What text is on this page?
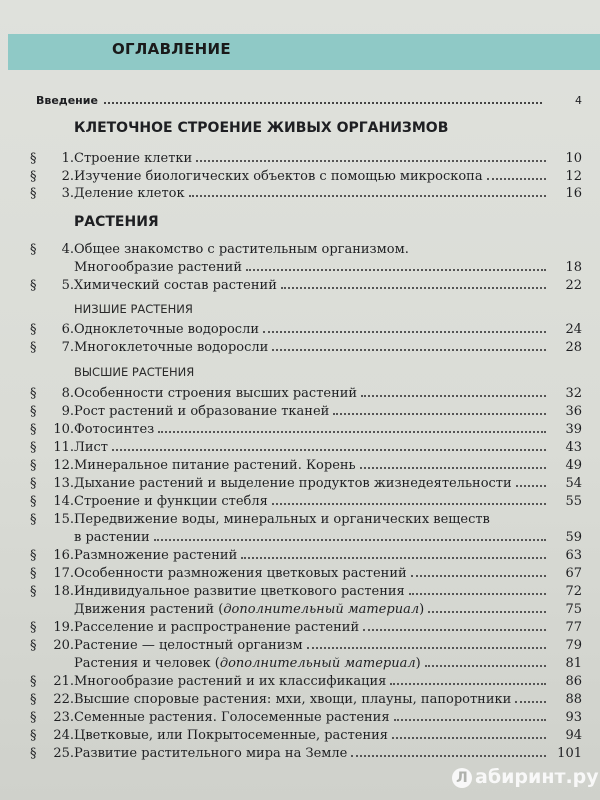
ОГЛАВЛЕНИЕ
Введение	4
КЛЕТОЧНОЕ СТРОЕНИЕ ЖИВЫХ ОРГАНИЗМОВ
§	1. Строение клетки	10
§	2. Изучение биологических объектов с помощью микроскопа	12
§	3. Деление клеток	16
РАСТЕНИЯ
§	4. Общее знакомство с растительным организмом.
Многообразие растений	18
§	5. Химический состав растений	22
НИЗШИЕ РАСТЕНИЯ
§	6. Одноклеточные водоросли	24
§	7. Многоклеточные водоросли	28
ВЫСШИЕ РАСТЕНИЯ
§	8. Особенности строения высших растений	32
§	9. Рост растений и образование тканей	36
§	10. Фотосинтез	39
§	11. Лист	43
§	12. Минеральное питание растений. Корень	49
§	13. Дыхание растений и выделение продуктов жизнедеятельности	54
§	14. Строение и функции стебля	55
§	15. Передвижение воды, минеральных и органических веществ
в растении	59
§	16. Размножение растений	63
§	17. Особенности размножения цветковых растений	67
§	18. Индивидуальное развитие цветкового растения	72
Движения растений (дополнительный материал)	75
§	19. Расселение и распространение растений	77
§	20. Растение — целостный организм	79
Растения и человек (дополнительный материал)	81
§	21. Многообразие растений и их классификация	86
§	22. Высшие споровые растения: мхи, хвощи, плауны, папоротники	88
§	23. Семенные растения. Голосеменные растения	93
§	24. Цветковые, или Покрытосеменные, растения	94
§	25. Развитие растительного мира на Земле	101
Л абиринт.ру
